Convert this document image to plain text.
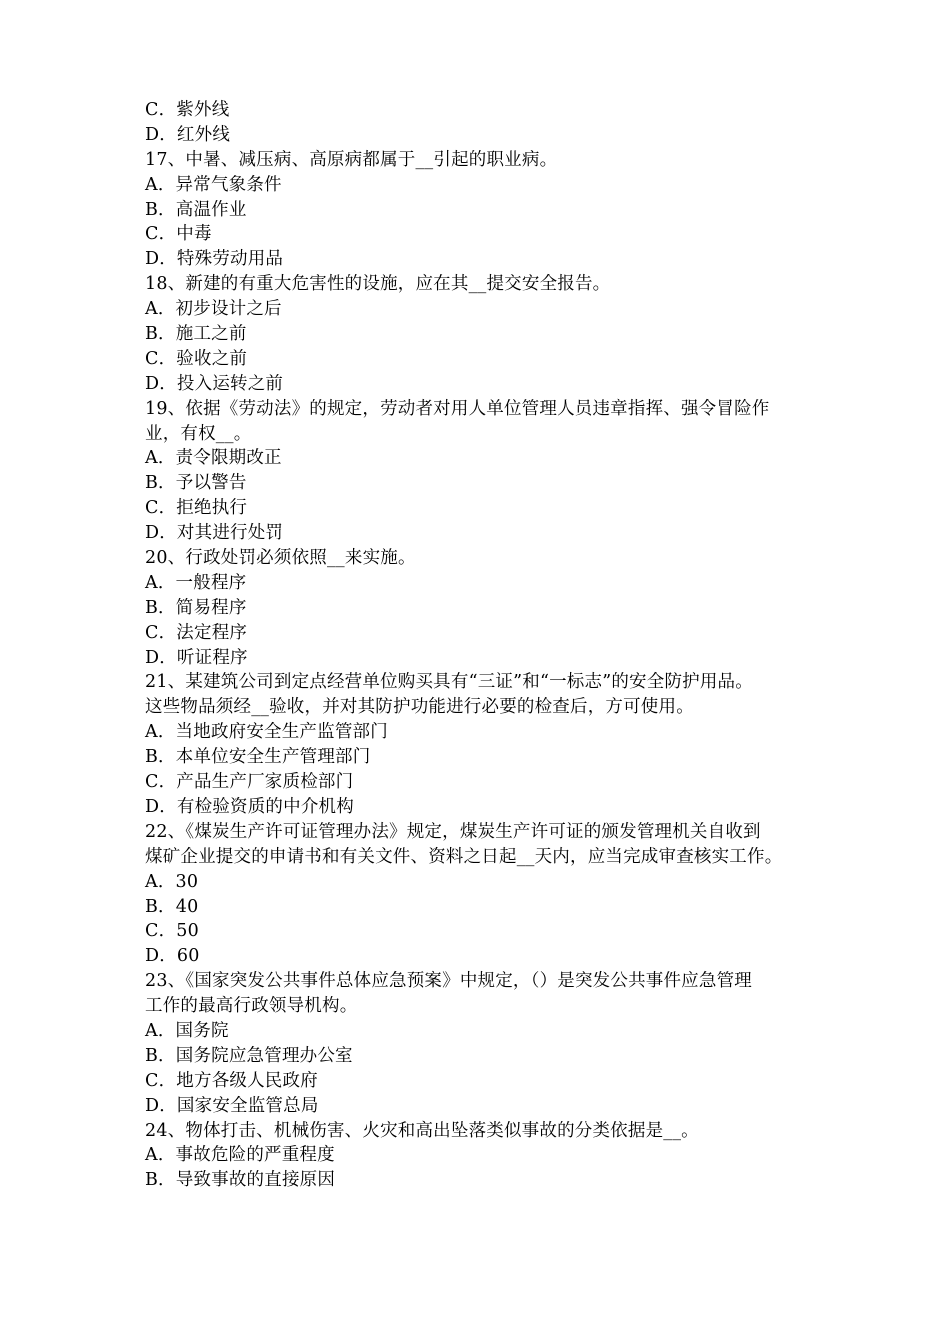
C．紫外线
D．红外线
17、中暑、减压病、高原病都属于__引起的职业病。
A．异常气象条件
B．高温作业
C．中毒
D．特殊劳动用品
18、新建的有重大危害性的设施，应在其__提交安全报告。
A．初步设计之后
B．施工之前
C．验收之前
D．投入运转之前
19、依据《劳动法》的规定，劳动者对用人单位管理人员违章指挥、强令冒险作
业，有权__。
A．责令限期改正
B．予以警告
C．拒绝执行
D．对其进行处罚
20、行政处罚必须依照__来实施。
A．一般程序
B．简易程序
C．法定程序
D．听证程序
21、某建筑公司到定点经营单位购买具有“三证”和“一标志”的安全防护用品。
这些物品须经__验收，并对其防护功能进行必要的检查后，方可使用。
A．当地政府安全生产监管部门
B．本单位安全生产管理部门
C．产品生产厂家质检部门
D．有检验资质的中介机构
22、《煤炭生产许可证管理办法》规定，煤炭生产许可证的颁发管理机关自收到
煤矿企业提交的申请书和有关文件、资料之日起__天内，应当完成审查核实工作。
A．30
B．40
C．50
D．60
23、《国家突发公共事件总体应急预案》中规定，（）是突发公共事件应急管理
工作的最高行政领导机构。
A．国务院
B．国务院应急管理办公室
C．地方各级人民政府
D．国家安全监管总局
24、物体打击、机械伤害、火灾和高出坠落类似事故的分类依据是__。
A．事故危险的严重程度
B．导致事故的直接原因
